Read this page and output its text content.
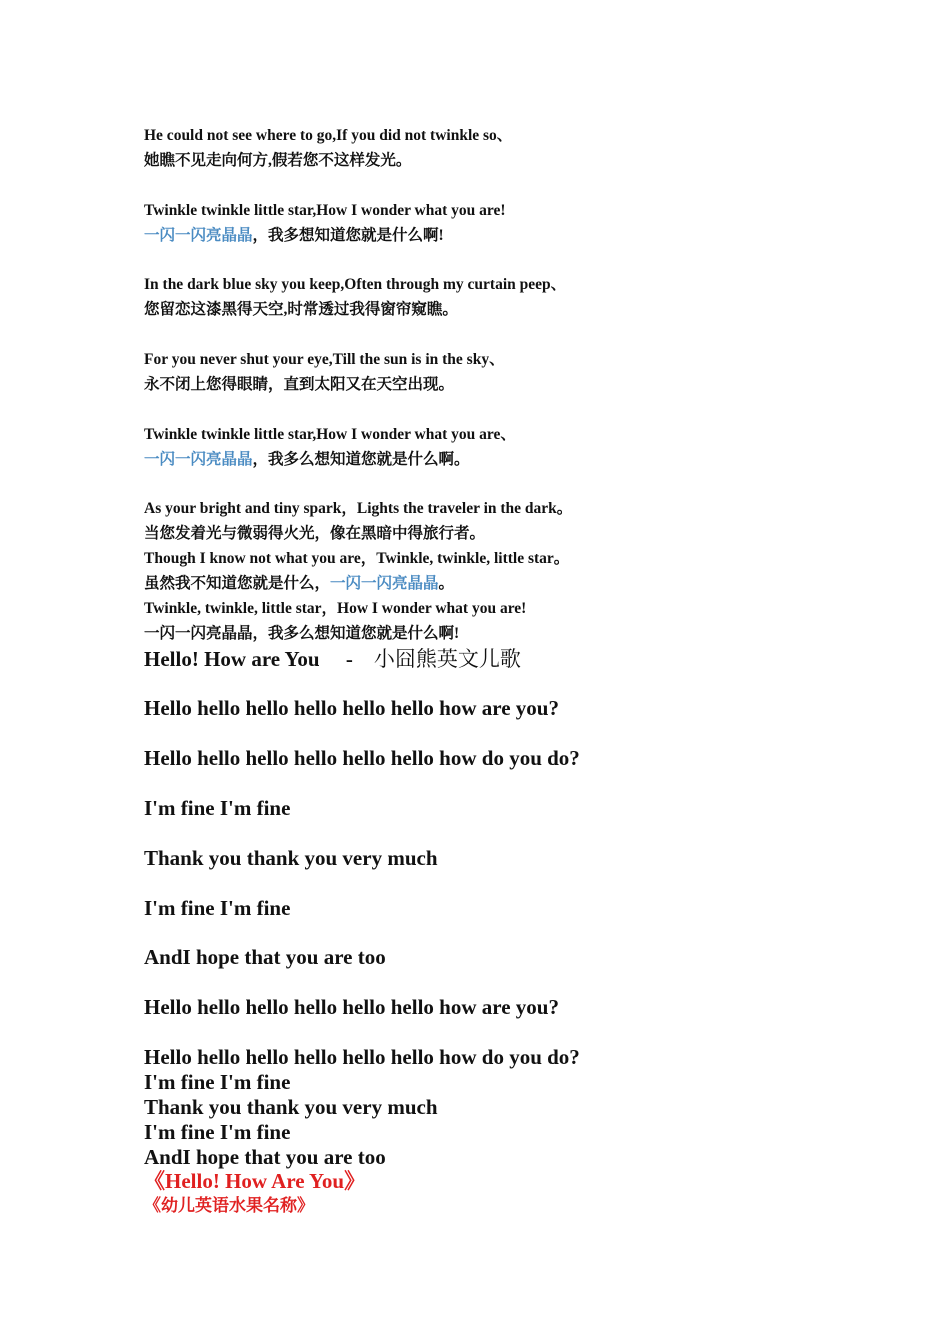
He could not see where to go,If you did not twinkle so、
她瞧不见走向何方,假若您不这样发光。
Twinkle twinkle little star,How I wonder what you are!
一闪一闪亮晶晶，我多想知道您就是什么啊!
In the dark blue sky you keep,Often through my curtain peep、
您留恋这漆黑得天空,时常透过我得窗帘窥瞧。
For you never shut your eye,Till the sun is in the sky、
永不闭上您得眼睛，直到太阳又在天空出现。
Twinkle twinkle little star,How I wonder what you are、
一闪一闪亮晶晶，我多么想知道您就是什么啊。
As your bright and tiny spark，Lights the traveler in the dark。
当您发着光与微弱得火光，像在黑暗中得旅行者。
Though I know not what you are，Twinkle, twinkle, little star。
虽然我不知道您就是什么，一闪一闪亮晶晶。
Twinkle, twinkle, little star，How I wonder what you are!
一闪一闪亮晶晶，我多么想知道您就是什么啊!
Hello! How are You     -    小囧熊英文儿歌
Hello hello hello hello hello hello how are you?
Hello hello hello hello hello hello how do you do?
I'm fine I'm fine
Thank you thank you very much
I'm fine I'm fine
AndI hope that you are too
Hello hello hello hello hello hello how are you?
Hello hello hello hello hello hello how do you do?
I'm fine I'm fine
Thank you thank you very much
I'm fine I'm fine
AndI hope that you are too
《Hello! How Are You》
《幼儿英语水果名称》
